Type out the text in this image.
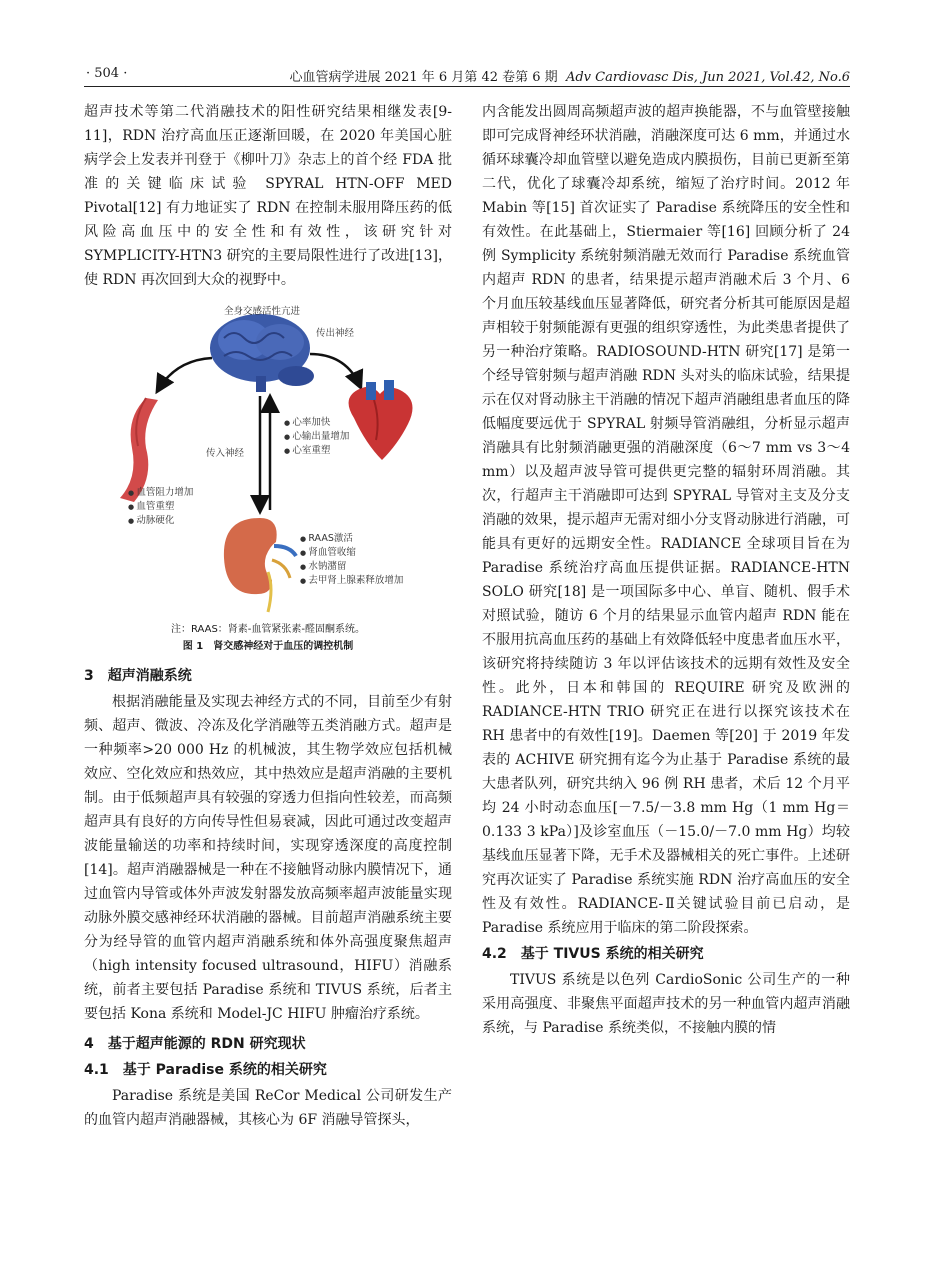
· 504 ·	心血管病学进展 2021 年 6 月第 42 卷第 6 期 Adv Cardiovasc Dis, Jun 2021, Vol.42, No.6

超声技术等第二代消融技术的阳性研究结果相继发表[9-11]，RDN 治疗高血压正逐渐回暖，在 2020 年美国心脏病学会上发表并刊登于《柳叶刀》杂志上的首个经 FDA 批准的关键临床试验 SPYRAL HTN-OFF MED Pivotal[12] 有力地证实了 RDN 在控制未服用降压药的低风险高血压中的安全性和有效性，该研究针对 SYMPLICITY-HTN3 研究的主要局限性进行了改进[13]，使 RDN 再次回到大众的视野中。

全身交感活性亢进
传出神经
传入神经
● 心率加快
● 心输出量增加
● 心室重塑
● 血管阻力增加
● 血管重塑
● 动脉硬化
● RAAS激活
● 肾血管收缩
● 水钠潴留
● 去甲肾上腺素释放增加
注：RAAS：肾素-血管紧张素-醛固酮系统。
图 1　肾交感神经对于血压的调控机制
3　超声消融系统

根据消融能量及实现去神经方式的不同，目前至少有射频、超声、微波、冷冻及化学消融等五类消融方式。超声是一种频率>20 000 Hz 的机械波，其生物学效应包括机械效应、空化效应和热效应，其中热效应是超声消融的主要机制。由于低频超声具有较强的穿透力但指向性较差，而高频超声具有良好的方向传导性但易衰减，因此可通过改变超声波能量输送的功率和持续时间，实现穿透深度的高度控制[14]。超声消融器械是一种在不接触肾动脉内膜情况下，通过血管内导管或体外声波发射器发放高频率超声波能量实现动脉外膜交感神经环状消融的器械。目前超声消融系统主要分为经导管的血管内超声消融系统和体外高强度聚焦超声（high intensity focused ultrasound，HIFU）消融系统，前者主要包括 Paradise 系统和 TIVUS 系统，后者主要包括 Kona 系统和 Model-JC HIFU 肿瘤治疗系统。

4　基于超声能源的 RDN 研究现状
4.1　基于 Paradise 系统的相关研究

Paradise 系统是美国 ReCor Medical 公司研发生产的血管内超声消融器械，其核心为 6F 消融导管探头，

内含能发出圆周高频超声波的超声换能器，不与血管壁接触即可完成肾神经环状消融，消融深度可达 6 mm，并通过水循环球囊冷却血管壁以避免造成内膜损伤，目前已更新至第二代，优化了球囊冷却系统，缩短了治疗时间。2012 年 Mabin 等[15] 首次证实了 Paradise 系统降压的安全性和有效性。在此基础上，Stiermaier 等[16] 回顾分析了 24 例 Symplicity 系统射频消融无效而行 Paradise 系统血管内超声 RDN 的患者，结果提示超声消融术后 3 个月、6 个月血压较基线血压显著降低，研究者分析其可能原因是超声相较于射频能源有更强的组织穿透性，为此类患者提供了另一种治疗策略。RADIOSOUND-HTN 研究[17] 是第一个经导管射频与超声消融 RDN 头对头的临床试验，结果提示在仅对肾动脉主干消融的情况下超声消融组患者血压的降低幅度要远优于 SPYRAL 射频导管消融组，分析显示超声消融具有比射频消融更强的消融深度（6～7 mm vs 3～4 mm）以及超声波导管可提供更完整的辐射环周消融。其次，行超声主干消融即可达到 SPYRAL 导管对主支及分支消融的效果，提示超声无需对细小分支肾动脉进行消融，可能具有更好的远期安全性。RADIANCE 全球项目旨在为 Paradise 系统治疗高血压提供证据。RADIANCE-HTN SOLO 研究[18] 是一项国际多中心、单盲、随机、假手术对照试验，随访 6 个月的结果显示血管内超声 RDN 能在不服用抗高血压药的基础上有效降低轻中度患者血压水平，该研究将持续随访 3 年以评估该技术的远期有效性及安全性。此外，日本和韩国的 REQUIRE 研究及欧洲的 RADIANCE-HTN TRIO 研究正在进行以探究该技术在 RH 患者中的有效性[19]。Daemen 等[20] 于 2019 年发表的 ACHIVE 研究拥有迄今为止基于 Paradise 系统的最大患者队列，研究共纳入 96 例 RH 患者，术后 12 个月平均 24 小时动态血压[－7.5/－3.8 mm Hg（1 mm Hg＝0.133 3 kPa）]及诊室血压（－15.0/－7.0 mm Hg）均较基线血压显著下降，无手术及器械相关的死亡事件。上述研究再次证实了 Paradise 系统实施 RDN 治疗高血压的安全性及有效性。RADIANCE-Ⅱ关键试验目前已启动，是 Paradise 系统应用于临床的第二阶段探索。

4.2　基于 TIVUS 系统的相关研究

TIVUS 系统是以色列 CardioSonic 公司生产的一种采用高强度、非聚焦平面超声技术的另一种血管内超声消融系统，与 Paradise 系统类似，不接触内膜的情
